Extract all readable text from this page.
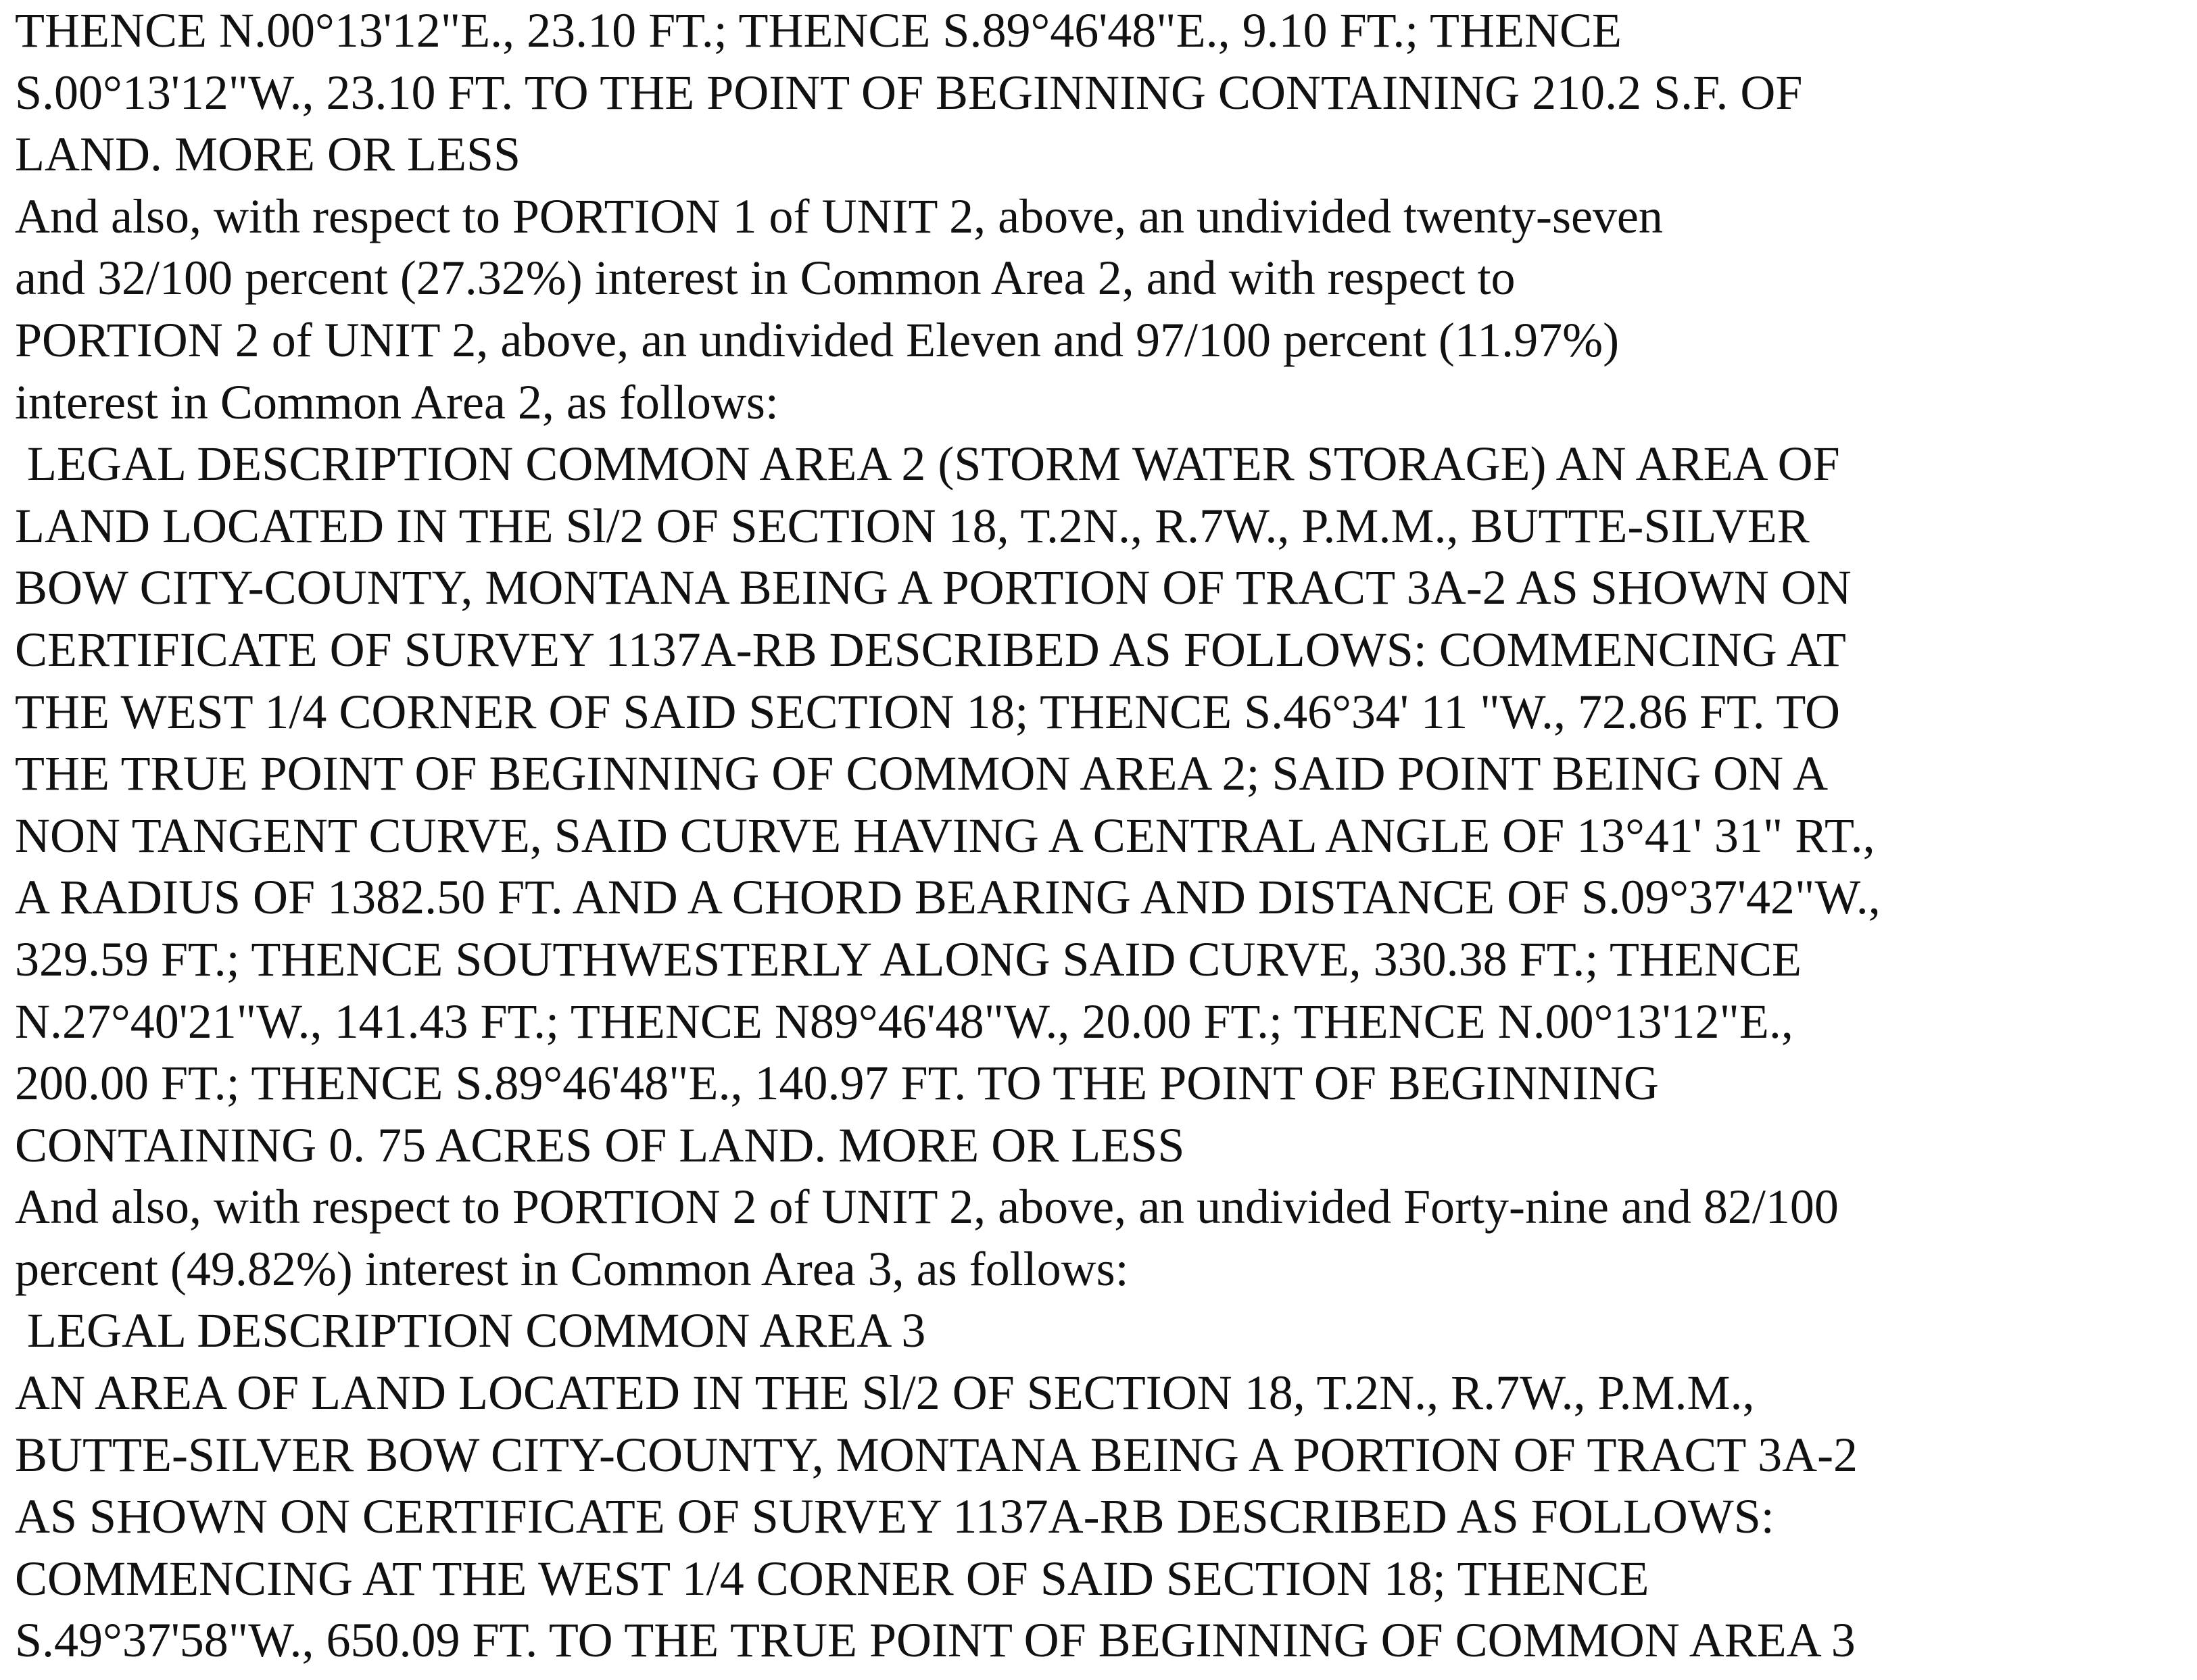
THENCE N.00°13'12"E., 23.10 FT.; THENCE S.89°46'48"E., 9.10 FT.; THENCE
S.00°13'12"W., 23.10 FT. TO THE POINT OF BEGINNING CONTAINING 210.2 S.F. OF
LAND. MORE OR LESS
And also, with respect to PORTION 1 of UNIT 2, above, an undivided twenty-seven
and 32/100 percent (27.32%) interest in Common Area 2, and with respect to
PORTION 2 of UNIT 2, above, an undivided Eleven and 97/100 percent (11.97%)
interest in Common Area 2, as follows:
LEGAL DESCRIPTION COMMON AREA 2 (STORM WATER STORAGE) AN AREA OF
LAND LOCATED IN THE Sl/2 OF SECTION 18, T.2N., R.7W., P.M.M., BUTTE-SILVER
BOW CITY-COUNTY, MONTANA BEING A PORTION OF TRACT 3A-2 AS SHOWN ON
CERTIFICATE OF SURVEY 1137A-RB DESCRIBED AS FOLLOWS: COMMENCING AT
THE WEST 1/4 CORNER OF SAID SECTION 18; THENCE S.46°34' 11 "W., 72.86 FT. TO
THE TRUE POINT OF BEGINNING OF COMMON AREA 2; SAID POINT BEING ON A
NON TANGENT CURVE, SAID CURVE HAVING A CENTRAL ANGLE OF 13°41' 31" RT.,
A RADIUS OF 1382.50 FT. AND A CHORD BEARING AND DISTANCE OF S.09°37'42"W.,
329.59 FT.; THENCE SOUTHWESTERLY ALONG SAID CURVE, 330.38 FT.; THENCE
N.27°40'21"W., 141.43 FT.; THENCE N89°46'48"W., 20.00 FT.; THENCE N.00°13'12"E.,
200.00 FT.; THENCE S.89°46'48"E., 140.97 FT. TO THE POINT OF BEGINNING
CONTAINING 0. 75 ACRES OF LAND. MORE OR LESS
And also, with respect to PORTION 2 of UNIT 2, above, an undivided Forty-nine and 82/100
percent (49.82%) interest in Common Area 3, as follows:
LEGAL DESCRIPTION COMMON AREA 3
AN AREA OF LAND LOCATED IN THE Sl/2 OF SECTION 18, T.2N., R.7W., P.M.M.,
BUTTE-SILVER BOW CITY-COUNTY, MONTANA BEING A PORTION OF TRACT 3A-2
AS SHOWN ON CERTIFICATE OF SURVEY 1137A-RB DESCRIBED AS FOLLOWS:
COMMENCING AT THE WEST 1/4 CORNER OF SAID SECTION 18; THENCE
S.49°37'58"W., 650.09 FT. TO THE TRUE POINT OF BEGINNING OF COMMON AREA 3
